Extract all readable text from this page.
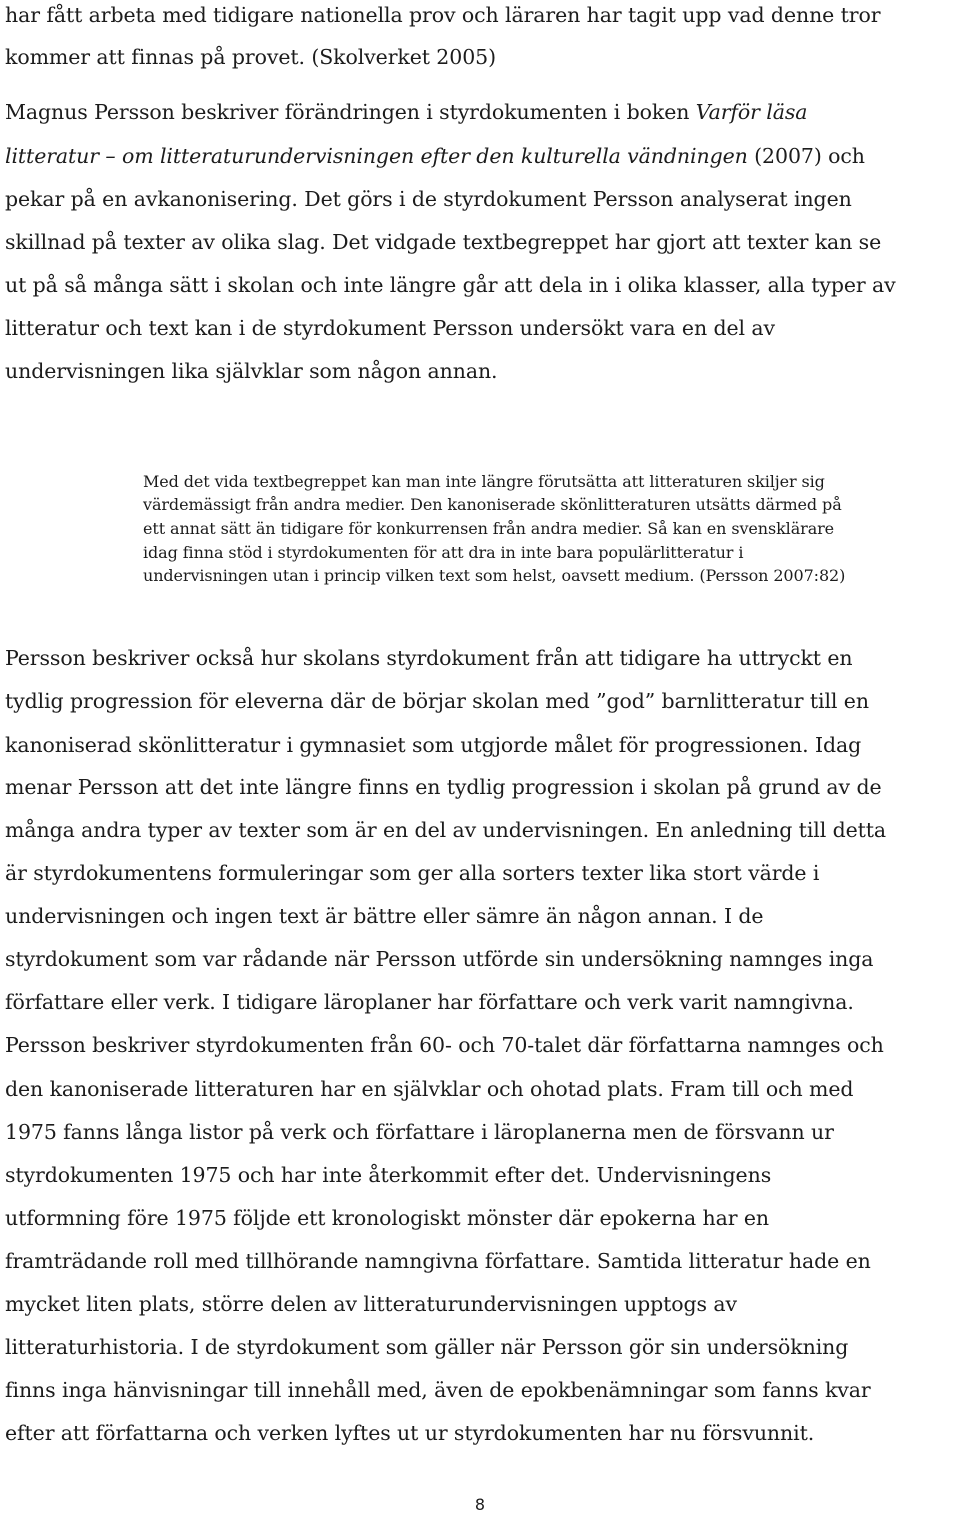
har fått arbeta med tidigare nationella prov och läraren har tagit upp vad denne tror
kommer att finnas på provet. (Skolverket 2005)
Magnus Persson beskriver förändringen i styrdokumenten i boken Varför läsa
litteratur – om litteraturundervisningen efter den kulturella vändningen (2007) och
pekar på en avkanonisering. Det görs i de styrdokument Persson analyserat ingen
skillnad på texter av olika slag. Det vidgade textbegreppet har gjort att texter kan se
ut på så många sätt i skolan och inte längre går att dela in i olika klasser, alla typer av
litteratur och text kan i de styrdokument Persson undersökt vara en del av
undervisningen lika självklar som någon annan.
Med det vida textbegreppet kan man inte längre förutsätta att litteraturen skiljer sig
värdemässigt från andra medier. Den kanoniserade skönlitteraturen utsätts därmed på
ett annat sätt än tidigare för konkurrensen från andra medier. Så kan en svensklärare
idag finna stöd i styrdokumenten för att dra in inte bara populärlitteratur i
undervisningen utan i princip vilken text som helst, oavsett medium. (Persson 2007:82)
Persson beskriver också hur skolans styrdokument från att tidigare ha uttryckt en
tydlig progression för eleverna där de börjar skolan med ”god” barnlitteratur till en
kanoniserad skönlitteratur i gymnasiet som utgjorde målet för progressionen. Idag
menar Persson att det inte längre finns en tydlig progression i skolan på grund av de
många andra typer av texter som är en del av undervisningen. En anledning till detta
är styrdokumentens formuleringar som ger alla sorters texter lika stort värde i
undervisningen och ingen text är bättre eller sämre än någon annan. I de
styrdokument som var rådande när Persson utförde sin undersökning namnges inga
författare eller verk. I tidigare läroplaner har författare och verk varit namngivna.
Persson beskriver styrdokumenten från 60- och 70-talet där författarna namnges och
den kanoniserade litteraturen har en självklar och ohotad plats. Fram till och med
1975 fanns långa listor på verk och författare i läroplanerna men de försvann ur
styrdokumenten 1975 och har inte återkommit efter det. Undervisningens
utformning före 1975 följde ett kronologiskt mönster där epokerna har en
framträdande roll med tillhörande namngivna författare. Samtida litteratur hade en
mycket liten plats, större delen av litteraturundervisningen upptogs av
litteraturhistoria. I de styrdokument som gäller när Persson gör sin undersökning
finns inga hänvisningar till innehåll med, även de epokbenämningar som fanns kvar
efter att författarna och verken lyftes ut ur styrdokumenten har nu försvunnit.
8
